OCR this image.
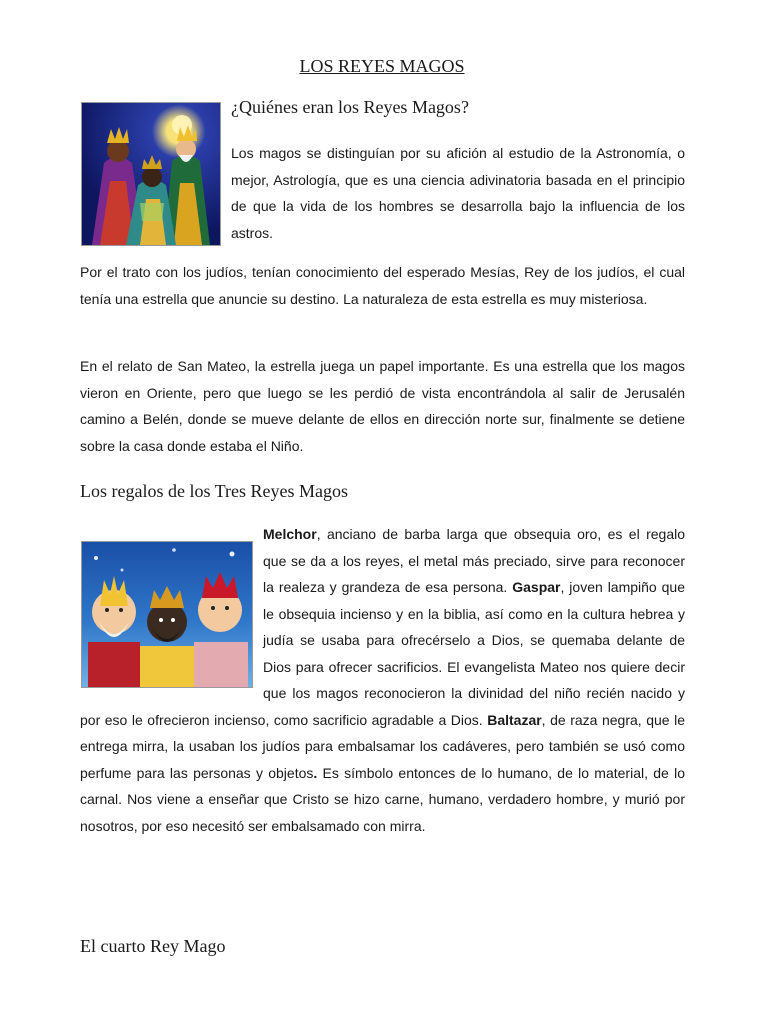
LOS REYES MAGOS
¿Quiénes eran los Reyes Magos?

Los magos se distinguían por su afición al estudio de la Astronomía, o mejor, Astrología, que es una ciencia adivinatoria basada en el principio de que la vida de los hombres se desarrolla bajo la influencia de los astros.

Por el trato con los judíos, tenían conocimiento del esperado Mesías, Rey de los judíos, el cual tenía una estrella que anuncie su destino. La naturaleza de esta estrella es muy misteriosa.

En el relato de San Mateo, la estrella juega un papel importante. Es una estrella que los magos vieron en Oriente, pero que luego se les perdió de vista encontrándola al salir de Jerusalén camino a Belén, donde se mueve delante de ellos en dirección norte sur, finalmente se detiene sobre la casa donde estaba el Niño.

Los regalos de los Tres Reyes Magos

Melchor, anciano de barba larga que obsequia oro, es el regalo que se da a los reyes, el metal más preciado, sirve para reconocer la realeza y grandeza de esa persona. Gaspar, joven lampiño que le obsequia incienso y en la biblia, así como en la cultura hebrea y judía se usaba para ofrecérselo a Dios, se quemaba delante de Dios para ofrecer sacrificios. El evangelista Mateo nos quiere decir que los magos reconocieron la divinidad del niño recién nacido y por eso le ofrecieron incienso, como sacrificio agradable a Dios. Baltazar, de raza negra, que le entrega mirra, la usaban los judíos para embalsamar los cadáveres, pero también se usó como perfume para las personas y objetos. Es símbolo entonces de lo humano, de lo material, de lo carnal. Nos viene a enseñar que Cristo se hizo carne, humano, verdadero hombre, y murió por nosotros, por eso necesitó ser embalsamado con mirra.

El cuarto Rey Mago
